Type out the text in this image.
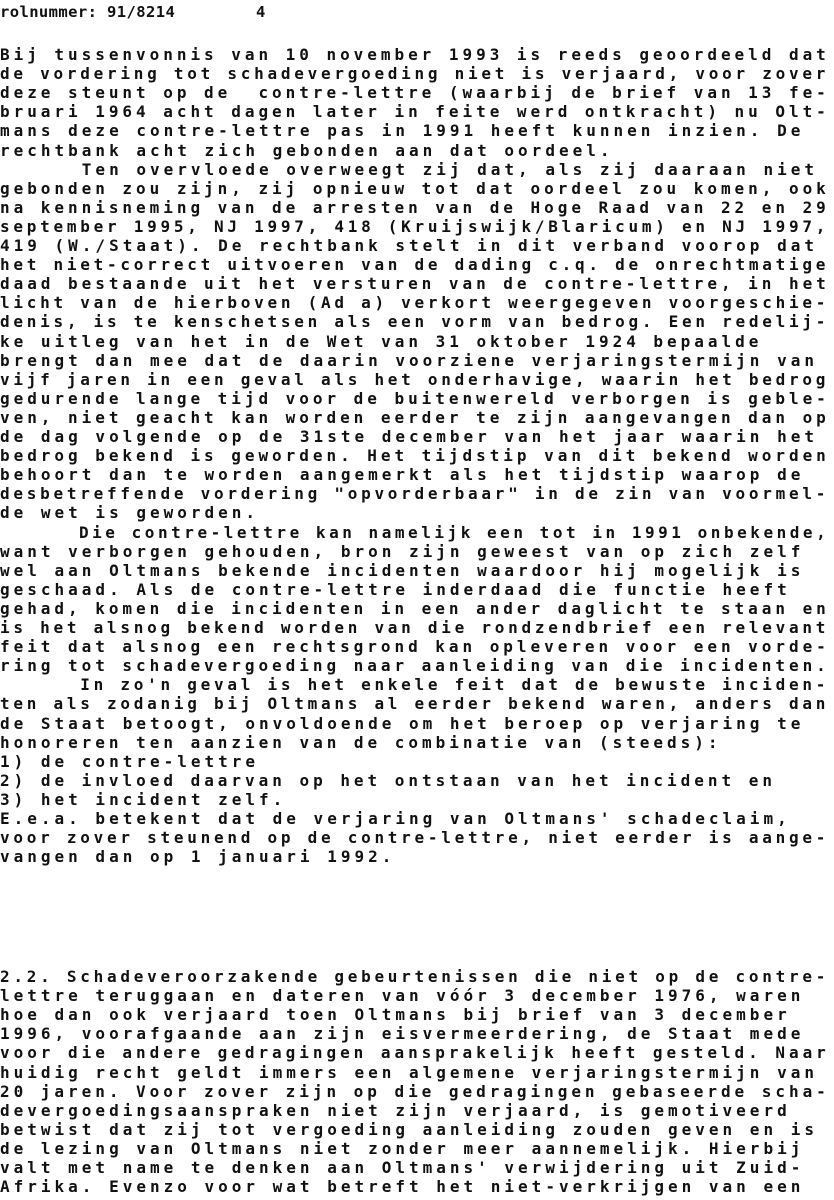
rolnummer: 91/8214

	4

Bij tussenvonnis van 10 november 1993 is reeds geoordeeld dat
de vordering tot schadevergoeding niet is verjaard, voor zover
deze steunt op de  contre-lettre (waarbij de brief van 13 fe-
bruari 1964 acht dagen later in feite werd ontkracht) nu Olt-
mans deze contre-lettre pas in 1991 heeft kunnen inzien. De
rechtbank acht zich gebonden aan dat oordeel.
Ten overvloede overweegt zij dat, als zij daaraan niet
gebonden zou zijn, zij opnieuw tot dat oordeel zou komen, ook
na kennisneming van de arresten van de Hoge Raad van 22 en 29
september 1995, NJ 1997, 418 (Kruijswijk/Blaricum) en NJ 1997,
419 (W./Staat). De rechtbank stelt in dit verband voorop dat
het niet-correct uitvoeren van de dading c.q. de onrechtmatige
daad bestaande uit het versturen van de contre-lettre, in het
licht van de hierboven (Ad a) verkort weergegeven voorgeschie-
denis, is te kenschetsen als een vorm van bedrog. Een redelij-
ke uitleg van het in de Wet van 31 oktober 1924 bepaalde
brengt dan mee dat de daarin voorziene verjaringstermijn van
vijf jaren in een geval als het onderhavige, waarin het bedrog
gedurende lange tijd voor de buitenwereld verborgen is geble-
ven, niet geacht kan worden eerder te zijn aangevangen dan op
de dag volgende op de 31ste december van het jaar waarin het
bedrog bekend is geworden. Het tijdstip van dit bekend worden
behoort dan te worden aangemerkt als het tijdstip waarop de
desbetreffende vordering "opvorderbaar" in de zin van voormel-
de wet is geworden.
Die contre-lettre kan namelijk een tot in 1991 onbekende,
want verborgen gehouden, bron zijn geweest van op zich zelf
wel aan Oltmans bekende incidenten waardoor hij mogelijk is
geschaad. Als de contre-lettre inderdaad die functie heeft
gehad, komen die incidenten in een ander daglicht te staan en
is het alsnog bekend worden van die rondzendbrief een relevant
feit dat alsnog een rechtsgrond kan opleveren voor een vorde-
ring tot schadevergoeding naar aanleiding van die incidenten.
In zo'n geval is het enkele feit dat de bewuste inciden-
ten als zodanig bij Oltmans al eerder bekend waren, anders dan
de Staat betoogt, onvoldoende om het beroep op verjaring te
honoreren ten aanzien van de combinatie van (steeds):
1) de contre-lettre
2) de invloed daarvan op het ontstaan van het incident en
3) het incident zelf.
E.e.a. betekent dat de verjaring van Oltmans' schadeclaim,
voor zover steunend op de contre-lettre, niet eerder is aange-
vangen dan op 1 januari 1992.
2.2. Schadeveroorzakende gebeurtenissen die niet op de contre-
lettre teruggaan en dateren van vóór 3 december 1976, waren
hoe dan ook verjaard toen Oltmans bij brief van 3 december
1996, voorafgaande aan zijn eisvermeerdering, de Staat mede
voor die andere gedragingen aansprakelijk heeft gesteld. Naar
huidig recht geldt immers een algemene verjaringstermijn van
20 jaren. Voor zover zijn op die gedragingen gebaseerde scha-
devergoedingsaanspraken niet zijn verjaard, is gemotiveerd
betwist dat zij tot vergoeding aanleiding zouden geven en is
de lezing van Oltmans niet zonder meer aannemelijk. Hierbij
valt met name te denken aan Oltmans' verwijdering uit Zuid-
Afrika. Evenzo voor wat betreft het niet-verkrijgen van een
